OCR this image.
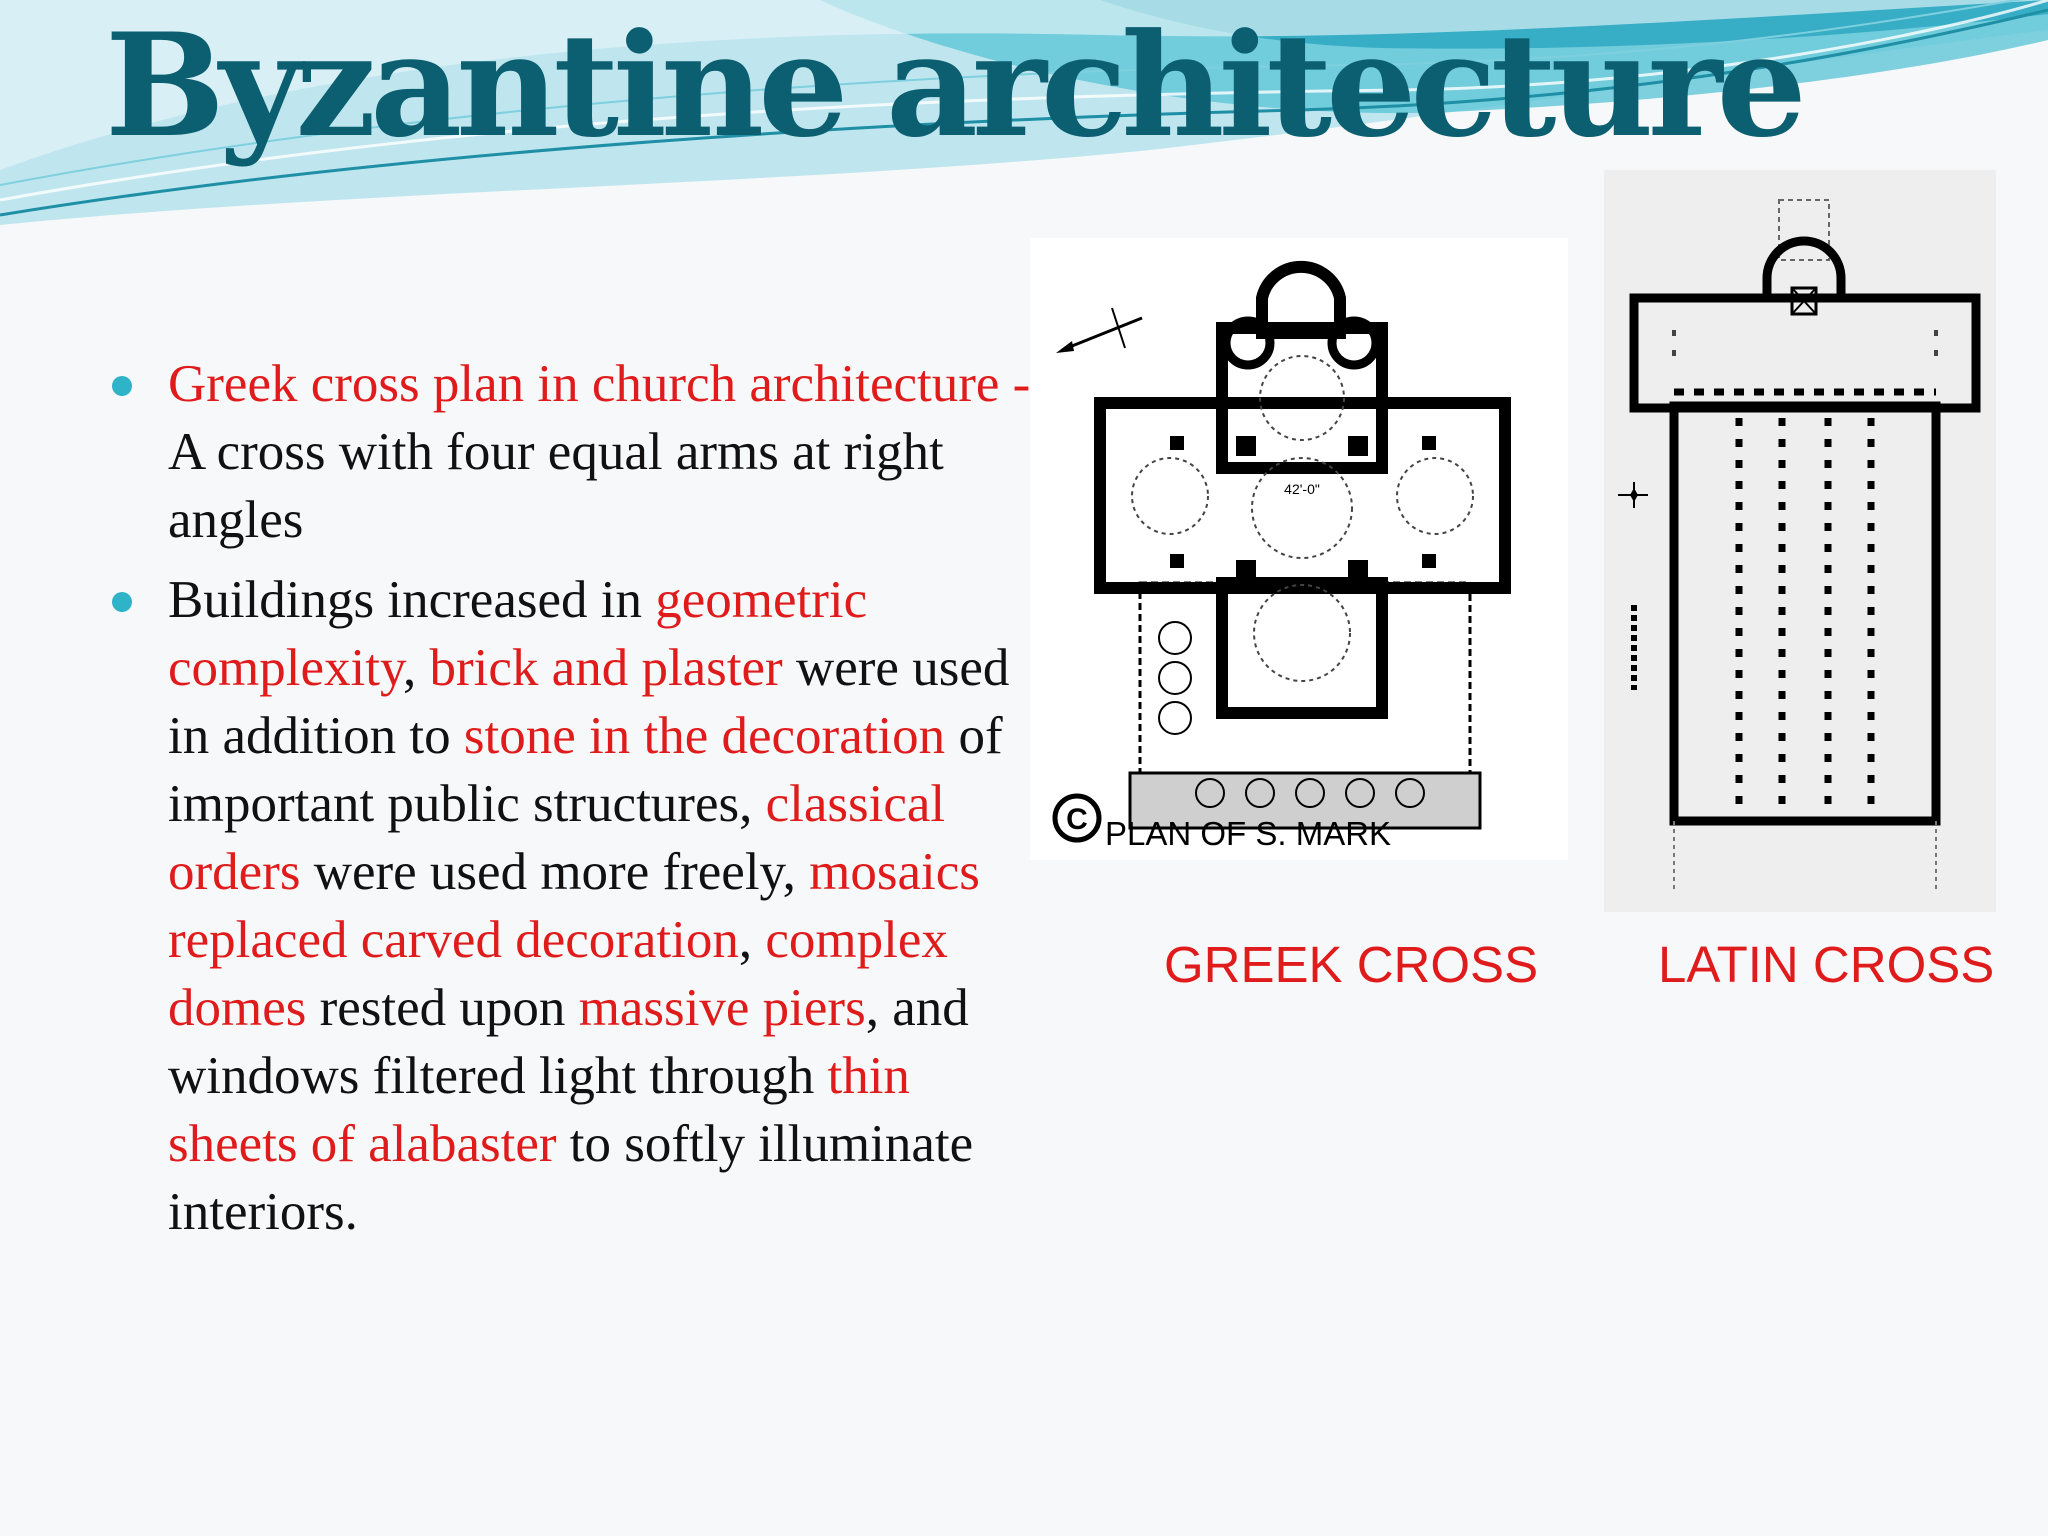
Byzantine architecture
Greek cross plan in church architecture - A cross with four equal arms at right angles
Buildings increased in geometric complexity, brick and plaster were used in addition to stone in the decoration of important public structures, classical orders were used more freely, mosaics replaced carved decoration, complex domes rested upon massive piers, and windows filtered light through thin sheets of alabaster to softly illuminate interiors.
42'-0"
C PLAN OF S. MARK
GREEK CROSS LATIN CROSS
